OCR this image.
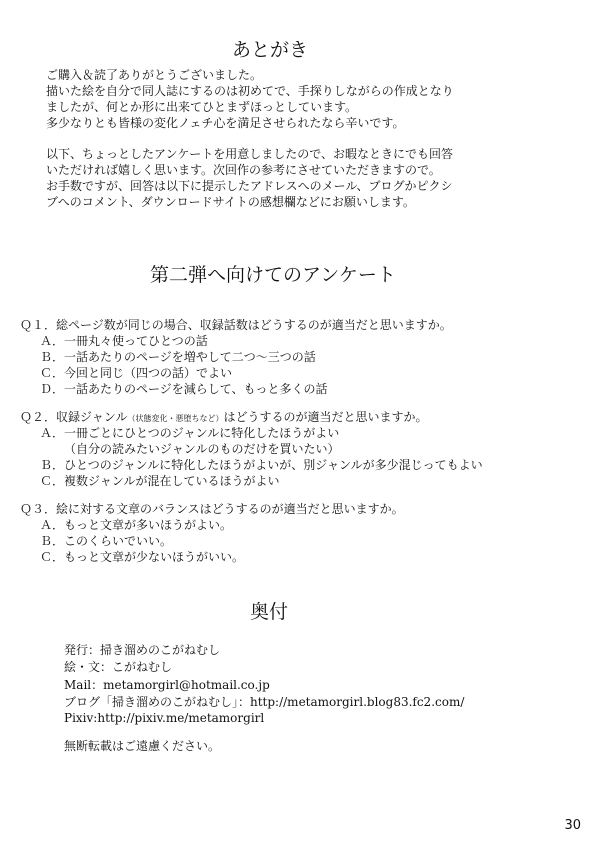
あとがき
ご購入＆読了ありがとうございました。
描いた絵を自分で同人誌にするのは初めてで、手探りしながらの作成となり
ましたが、何とか形に出来てひとまずほっとしています。
多少なりとも皆様の変化ノェチ心を満足させられたなら辛いです。
以下、ちょっとしたアンケートを用意しましたので、お暇なときにでも回答
いただければ嬉しく思います。次回作の参考にさせていただきますので。
お手数ですが、回答は以下に提示したアドレスへのメール、ブログかピクシ
ブへのコメント、ダウンロードサイトの感想欄などにお願いします。
第二弾へ向けてのアンケート
Ｑ１．総ページ数が同じの場合、収録話数はどうするのが適当だと思いますか。
Ａ．一冊丸々使ってひとつの話
Ｂ．一話あたりのページを増やして二つ～三つの話
Ｃ．今回と同じ（四つの話）でよい
Ｄ．一話あたりのページを減らして、もっと多くの話
Ｑ２．収録ジャンル（状態変化・悪堕ちなど）はどうするのが適当だと思いますか。
Ａ．一冊ごとにひとつのジャンルに特化したほうがよい
（自分の読みたいジャンルのものだけを買いたい）
Ｂ．ひとつのジャンルに特化したほうがよいが、別ジャンルが多少混じってもよい
Ｃ．複数ジャンルが混在しているほうがよい
Ｑ３．絵に対する文章のバランスはどうするのが適当だと思いますか。
Ａ．もっと文章が多いほうがよい。
Ｂ．このくらいでいい。
Ｃ．もっと文章が少ないほうがいい。
奥付
発行：掃き溜めのこがねむし
絵・文：こがねむし
Mail：metamorgirl@hotmail.co.jp
ブログ「掃き溜めのこがねむし」：http://metamorgirl.blog83.fc2.com/
Pixiv:http://pixiv.me/metamorgirl
無断転載はご遠慮ください。
30
